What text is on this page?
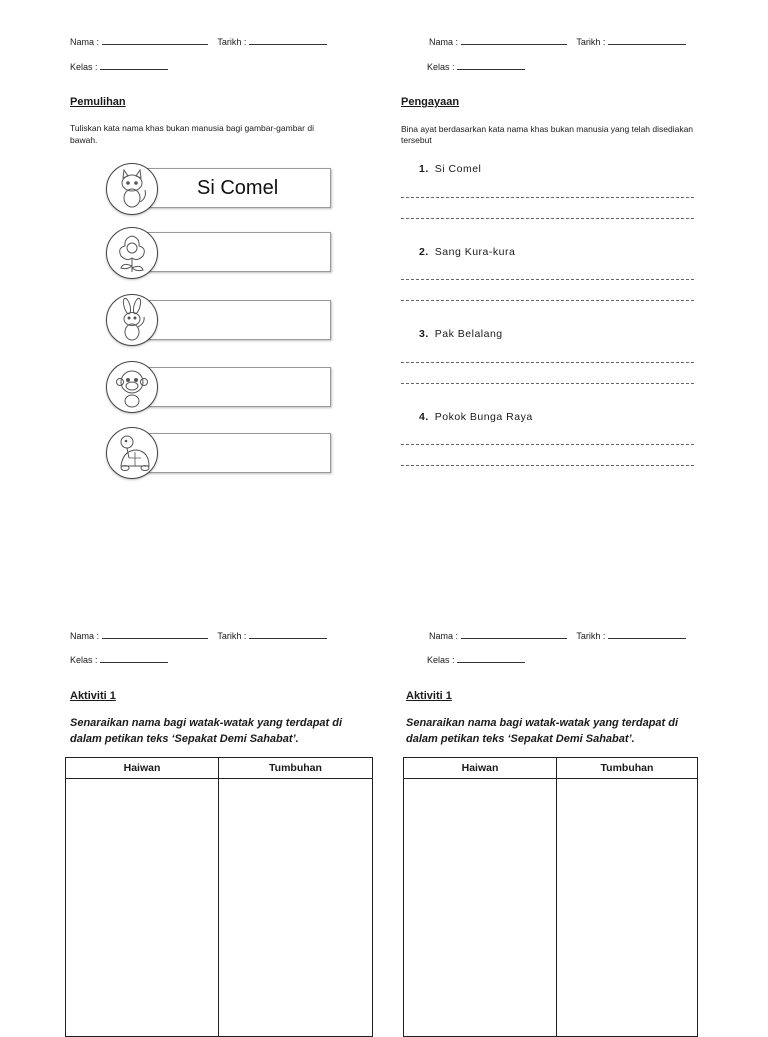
Nama :	Tarikh :
Kelas :
Pemulihan
Tuliskan kata nama khas bukan manusia bagi gambar-gambar di bawah.
Si Comel
Nama :	Tarikh :
Kelas :
Pengayaan
Bina ayat berdasarkan kata nama khas bukan manusia yang telah disediakan tersebut
1. Si Comel
2. Sang Kura-kura
3. Pak Belalang
4. Pokok Bunga Raya
Nama :	Tarikh :
Kelas :
Aktiviti 1
Senaraikan nama bagi watak-watak yang terdapat di dalam petikan teks ‘Sepakat Demi Sahabat’.
Haiwan	Tumbuhan

Nama :	Tarikh :
Kelas :
Aktiviti 1
Senaraikan nama bagi watak-watak yang terdapat di dalam petikan teks ‘Sepakat Demi Sahabat’.
Haiwan	Tumbuhan
